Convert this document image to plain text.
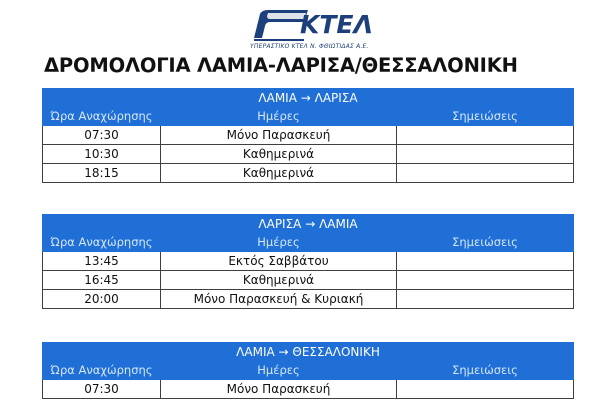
ΚΤΕΛ
ΥΠΕΡΑΣΤΙΚΟ ΚΤΕΛ Ν. ΦΘΙΩΤΙΔΑΣ Α.Ε.
ΔΡΟΜΟΛΟΓΙΑ ΛΑΜΙΑ-ΛΑΡΙΣΑ/ΘΕΣΣΑΛΟΝΙΚΗ
ΛΑΜΙΑ → ΛΑΡΙΣΑ		
Ώρα Αναχώρησης	Ημέρες	Σημειώσεις
07:30	Μόνο Παρασκευή	
10:30	Καθημερινά	
18:15	Καθημερινά	
ΛΑΡΙΣΑ → ΛΑΜΙΑ		
Ώρα Αναχώρησης	Ημέρες	Σημειώσεις
13:45	Εκτός Σαββάτου	
16:45	Καθημερινά	
20:00	Μόνο Παρασκευή & Κυριακή	
ΛΑΜΙΑ → ΘΕΣΣΑΛΟΝΙΚΗ		
Ώρα Αναχώρησης	Ημέρες	Σημειώσεις
07:30	Μόνο Παρασκευή	
